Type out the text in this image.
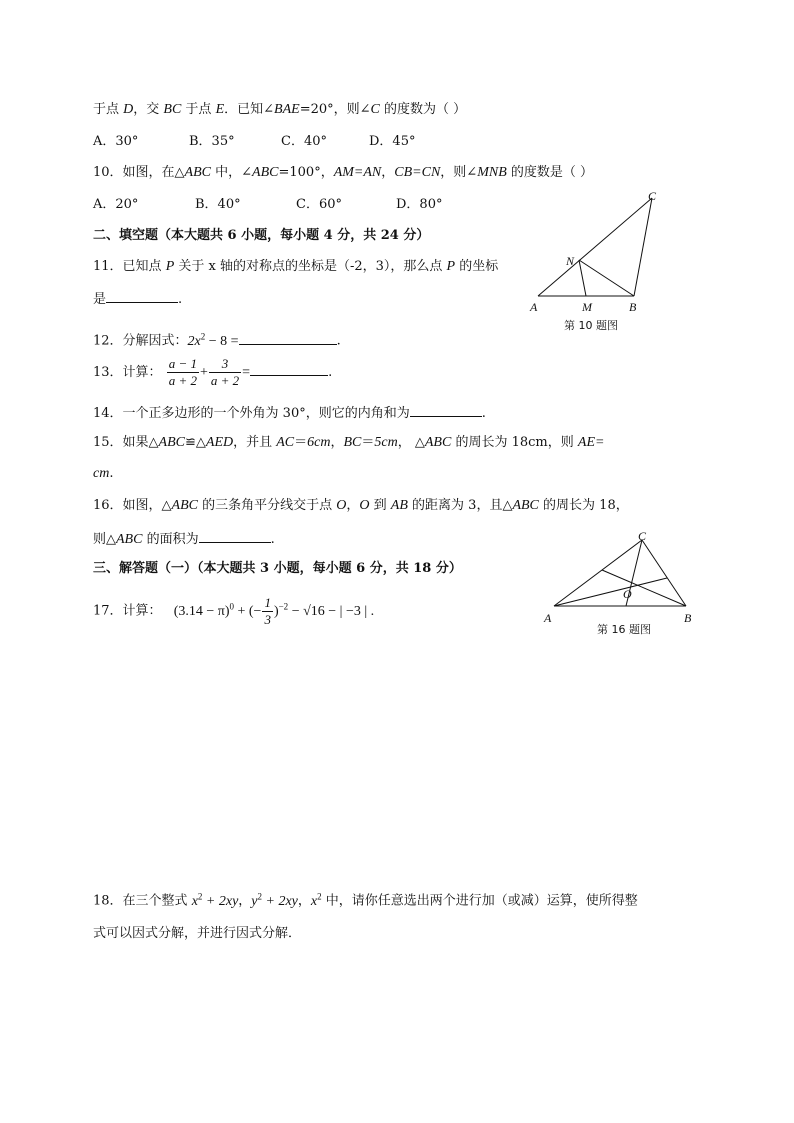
于点 D，交 BC 于点 E．已知∠BAE=20°，则∠C 的度数为（ ）
A．30°	B．35°	C．40°	D．45°
10．如图，在△ABC 中，∠ABC=100°，AM=AN，CB=CN，则∠MNB 的度数是（ ）
A．20°	B．40°	C．60°	D．80°
二、填空题（本大题共 6 小题，每小题 4 分，共 24 分）
11．已知点 P 关于 x 轴的对称点的坐标是（-2，3），那么点 P 的坐标
是	.
12．分解因式：$2x^2 - 8$ =	.
13．计算： $\frac{a - 1}{a + 2} + \frac{3}{a + 2}$ =	.
14．一个正多边形的一个外角为 30°，则它的内角和为	.
15．如果△ABC≌△AED，并且 AC＝6cm，BC＝5cm， △ABC 的周长为 18cm，则 AE=
cm.
16．如图，△ABC 的三条角平分线交于点 O，O 到 AB 的距离为 3，且△ABC 的周长为 18，
则△ABC 的面积为	.
三、解答题（一）（本大题共 3 小题，每小题 6 分，共 18 分）
17．计算： $(3.14 - \pi)^0$ + (− $\frac{1}{3} )^{-2} - √16$ − | −3 | .
18．在三个整式 $x^2 + 2xy$，$y^2 + 2xy$，$x^2$ 中，请你任意选出两个进行加（或减）运算，使所得整
式可以因式分解，并进行因式分解．
A	M	B
N
C
第 10 题图
A	B
C
O
第 16 题图
